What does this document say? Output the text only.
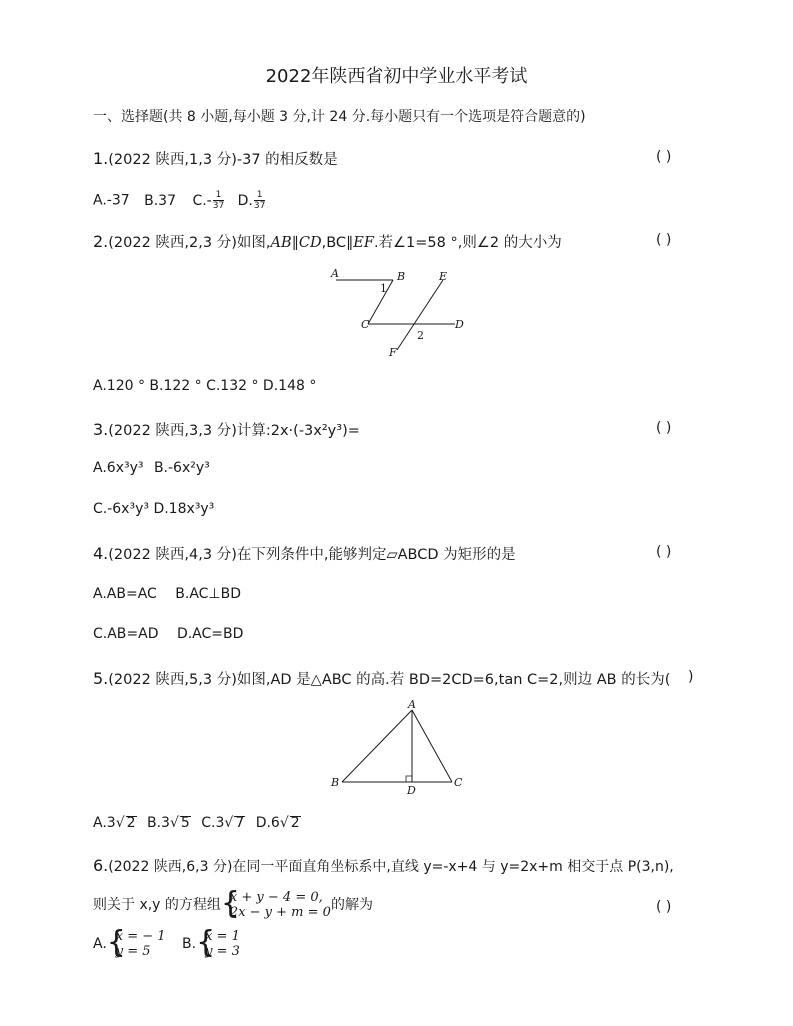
2022年陕西省初中学业水平考试
一、选择题(共 8 小题,每小题 3 分,计 24 分.每小题只有一个选项是符合题意的)
1.(2022 陕西,1,3 分)-37 的相反数是	( )
A.-37 B.37 $C.- \frac{1}{37} D$. $\frac{1}{37}$
2.(2022 陕西,2,3 分)如图,AB∥CD,BC∥EF.若∠1=58 °,则∠2 的大小为	( )
A	B
C	D
E
F
1
2
A.120 ° B.122 ° C.132 ° D.148 °
3.(2022 陕西,3,3 分)计算:2x·(-3x²y³)=	( )
A.6x³y³ B.-6x²y³
C.-6x³y³ D.18x³y³
4.(2022 陕西,4,3 分)在下列条件中,能够判定▱ABCD 为矩形的是	( )
A.AB=AC B.AC⊥BD
C.AB=AD D.AC=BD
5.(2022 陕西,5,3 分)如图,AD 是△ABC 的高.若 BD=2CD=6,tan C=2,则边 AB 的长为( )
A
B	C
D
A.3√ 2 B.3√ 5 C.3√ 7 D.6√ 2
6.(2022 陕西,6,3 分)在同一平面直角坐标系中,直线 y=-x+4 与 y=2x+m 相交于点 P(3,n),
则关于 x,y 的方程组 {
x + y − 4 = 0,
2x − y + m = 0 的解为	( )
A. {
x = − 1
y = 5	B. {
x = 1
y = 3
